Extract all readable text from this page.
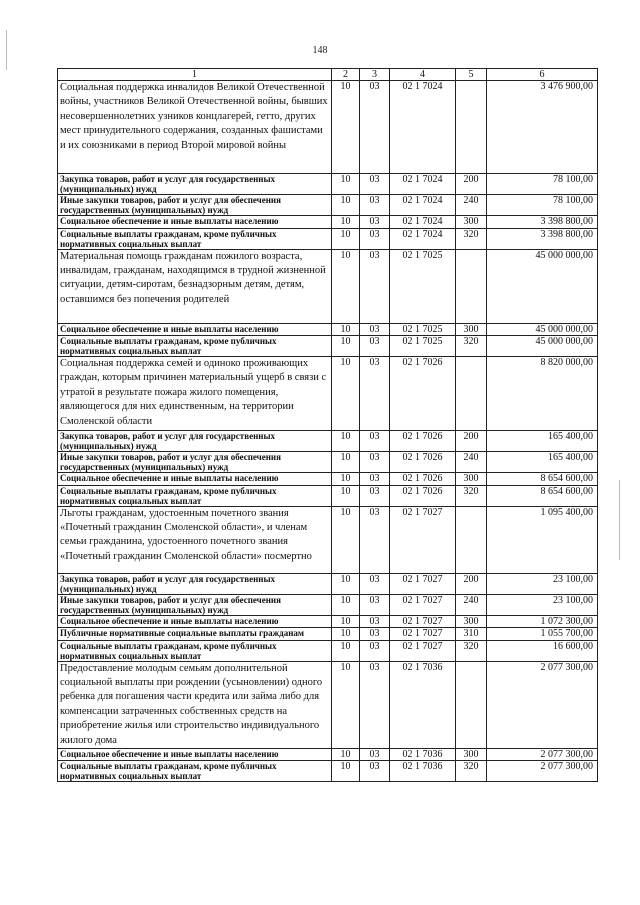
148
1	2	3	4	5	6
Социальная поддержка инвалидов Великой Отечественной войны, участников Великой Отечественной войны, бывших несовершеннолетних узников концлагерей, гетто, других мест принудительного содержания, созданных фашистами и их союзниками в период Второй мировой войны	10	03	02 1 7024		3 476 900,00
Закупка товаров, работ и услуг для государственных (муниципальных) нужд	10	03	02 1 7024	200	78 100,00
Иные закупки товаров, работ и услуг для обеспечения государственных (муниципальных) нужд	10	03	02 1 7024	240	78 100,00
Социальное обеспечение и иные выплаты населению	10	03	02 1 7024	300	3 398 800,00
Социальные выплаты гражданам, кроме публичных нормативных социальных выплат	10	03	02 1 7024	320	3 398 800,00
Материальная помощь гражданам пожилого возраста, инвалидам, гражданам, находящимся в трудной жизненной ситуации, детям-сиротам, безнадзорным детям, детям, оставшимся без попечения родителей	10	03	02 1 7025		45 000 000,00
Социальное обеспечение и иные выплаты населению	10	03	02 1 7025	300	45 000 000,00
Социальные выплаты гражданам, кроме публичных нормативных социальных выплат	10	03	02 1 7025	320	45 000 000,00
Социальная поддержка семей и одиноко проживающих граждан, которым причинен материальный ущерб в связи с утратой в результате пожара жилого помещения, являющегося для них единственным, на территории Смоленской области	10	03	02 1 7026		8 820 000,00
Закупка товаров, работ и услуг для государственных (муниципальных) нужд	10	03	02 1 7026	200	165 400,00
Иные закупки товаров, работ и услуг для обеспечения государственных (муниципальных) нужд	10	03	02 1 7026	240	165 400,00
Социальное обеспечение и иные выплаты населению	10	03	02 1 7026	300	8 654 600,00
Социальные выплаты гражданам, кроме публичных нормативных социальных выплат	10	03	02 1 7026	320	8 654 600,00
Льготы гражданам, удостоенным почетного звания «Почетный гражданин Смоленской области», и членам семьи гражданина, удостоенного почетного звания «Почетный гражданин Смоленской области» посмертно	10	03	02 1 7027		1 095 400,00
Закупка товаров, работ и услуг для государственных (муниципальных) нужд	10	03	02 1 7027	200	23 100,00
Иные закупки товаров, работ и услуг для обеспечения государственных (муниципальных) нужд	10	03	02 1 7027	240	23 100,00
Социальное обеспечение и иные выплаты населению	10	03	02 1 7027	300	1 072 300,00
Публичные нормативные социальные выплаты гражданам	10	03	02 1 7027	310	1 055 700,00
Социальные выплаты гражданам, кроме публичных нормативных социальных выплат	10	03	02 1 7027	320	16 600,00
Предоставление молодым семьям дополнительной социальной выплаты при рождении (усыновлении) одного ребенка для погашения части кредита или займа либо для компенсации затраченных собственных средств на приобретение жилья или строительство индивидуального жилого дома	10	03	02 1 7036		2 077 300,00
Социальное обеспечение и иные выплаты населению	10	03	02 1 7036	300	2 077 300,00
Социальные выплаты гражданам, кроме публичных нормативных социальных выплат	10	03	02 1 7036	320	2 077 300,00
